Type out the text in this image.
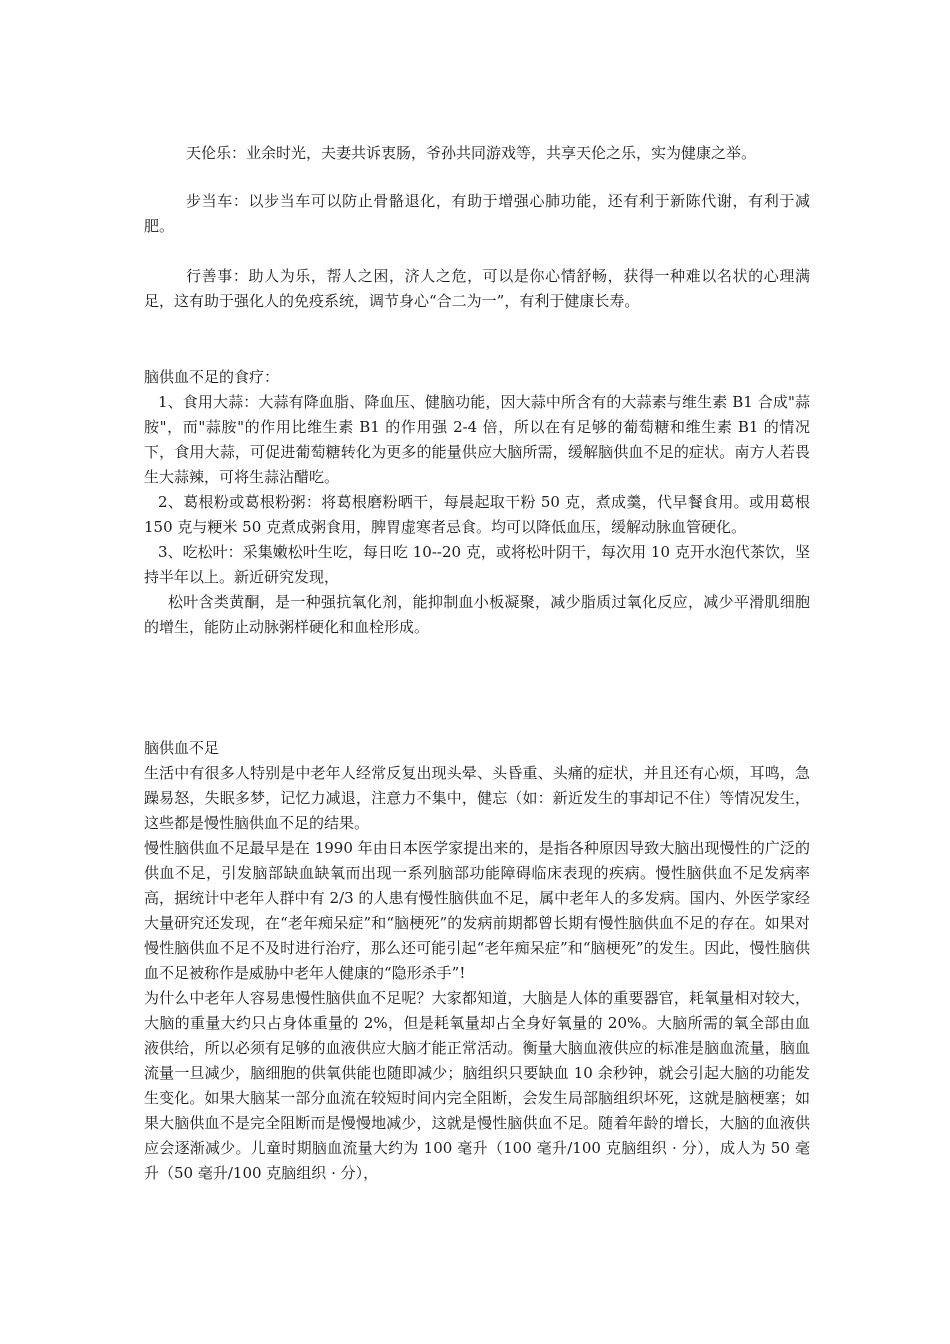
天伦乐：业余时光，夫妻共诉衷肠，爷孙共同游戏等，共享天伦之乐，实为健康之举。

步当车：以步当车可以防止骨骼退化，有助于增强心肺功能，还有利于新陈代谢，有利于减肥。

行善事：助人为乐，帮人之困，济人之危，可以是你心情舒畅，获得一种难以名状的心理满足，这有助于强化人的免疫系统，调节身心“合二为一”，有利于健康长寿。

脑供血不足的食疗：

1、食用大蒜：大蒜有降血脂、降血压、健脑功能，因大蒜中所含有的大蒜素与维生素 B1 合成"蒜胺"，而"蒜胺"的作用比维生素 B1 的作用强 2-4 倍，所以在有足够的葡萄糖和维生素 B1 的情况下，食用大蒜，可促进葡萄糖转化为更多的能量供应大脑所需，缓解脑供血不足的症状。南方人若畏生大蒜辣，可将生蒜沾醋吃。

2、葛根粉或葛根粉粥：将葛根磨粉晒干，每晨起取干粉 50 克，煮成羹，代早餐食用。或用葛根 150 克与粳米 50 克煮成粥食用，脾胃虚寒者忌食。均可以降低血压，缓解动脉血管硬化。

3、吃松叶：采集嫩松叶生吃，每日吃 10--20 克，或将松叶阴干，每次用 10 克开水泡代茶饮，坚持半年以上。新近研究发现，

松叶含类黄酮，是一种强抗氧化剂，能抑制血小板凝聚，减少脂质过氧化反应，减少平滑肌细胞的增生，能防止动脉粥样硬化和血栓形成。

脑供血不足

生活中有很多人特别是中老年人经常反复出现头晕、头昏重、头痛的症状，并且还有心烦，耳鸣，急躁易怒，失眠多梦，记忆力减退，注意力不集中，健忘（如：新近发生的事却记不住）等情况发生，这些都是慢性脑供血不足的结果。

慢性脑供血不足最早是在 1990 年由日本医学家提出来的，是指各种原因导致大脑出现慢性的广泛的供血不足，引发脑部缺血缺氧而出现一系列脑部功能障碍临床表现的疾病。慢性脑供血不足发病率高，据统计中老年人群中有 2/3 的人患有慢性脑供血不足，属中老年人的多发病。国内、外医学家经大量研究还发现，在“老年痴呆症”和“脑梗死”的发病前期都曾长期有慢性脑供血不足的存在。如果对慢性脑供血不足不及时进行治疗，那么还可能引起“老年痴呆症”和“脑梗死”的发生。因此，慢性脑供血不足被称作是威胁中老年人健康的“隐形杀手”!

为什么中老年人容易患慢性脑供血不足呢？大家都知道，大脑是人体的重要器官，耗氧量相对较大，大脑的重量大约只占身体重量的 2%，但是耗氧量却占全身好氧量的 20%。大脑所需的氧全部由血液供给，所以必须有足够的血液供应大脑才能正常活动。衡量大脑血液供应的标准是脑血流量，脑血流量一旦减少，脑细胞的供氧供能也随即减少；脑组织只要缺血 10 余秒钟，就会引起大脑的功能发生变化。如果大脑某一部分血流在较短时间内完全阻断，会发生局部脑组织坏死，这就是脑梗塞；如果大脑供血不是完全阻断而是慢慢地减少，这就是慢性脑供血不足。随着年龄的增长，大脑的血液供应会逐渐减少。儿童时期脑血流量大约为 100 毫升（100 毫升/100 克脑组织 · 分），成人为 50 毫升（50 毫升/100 克脑组织 · 分），
